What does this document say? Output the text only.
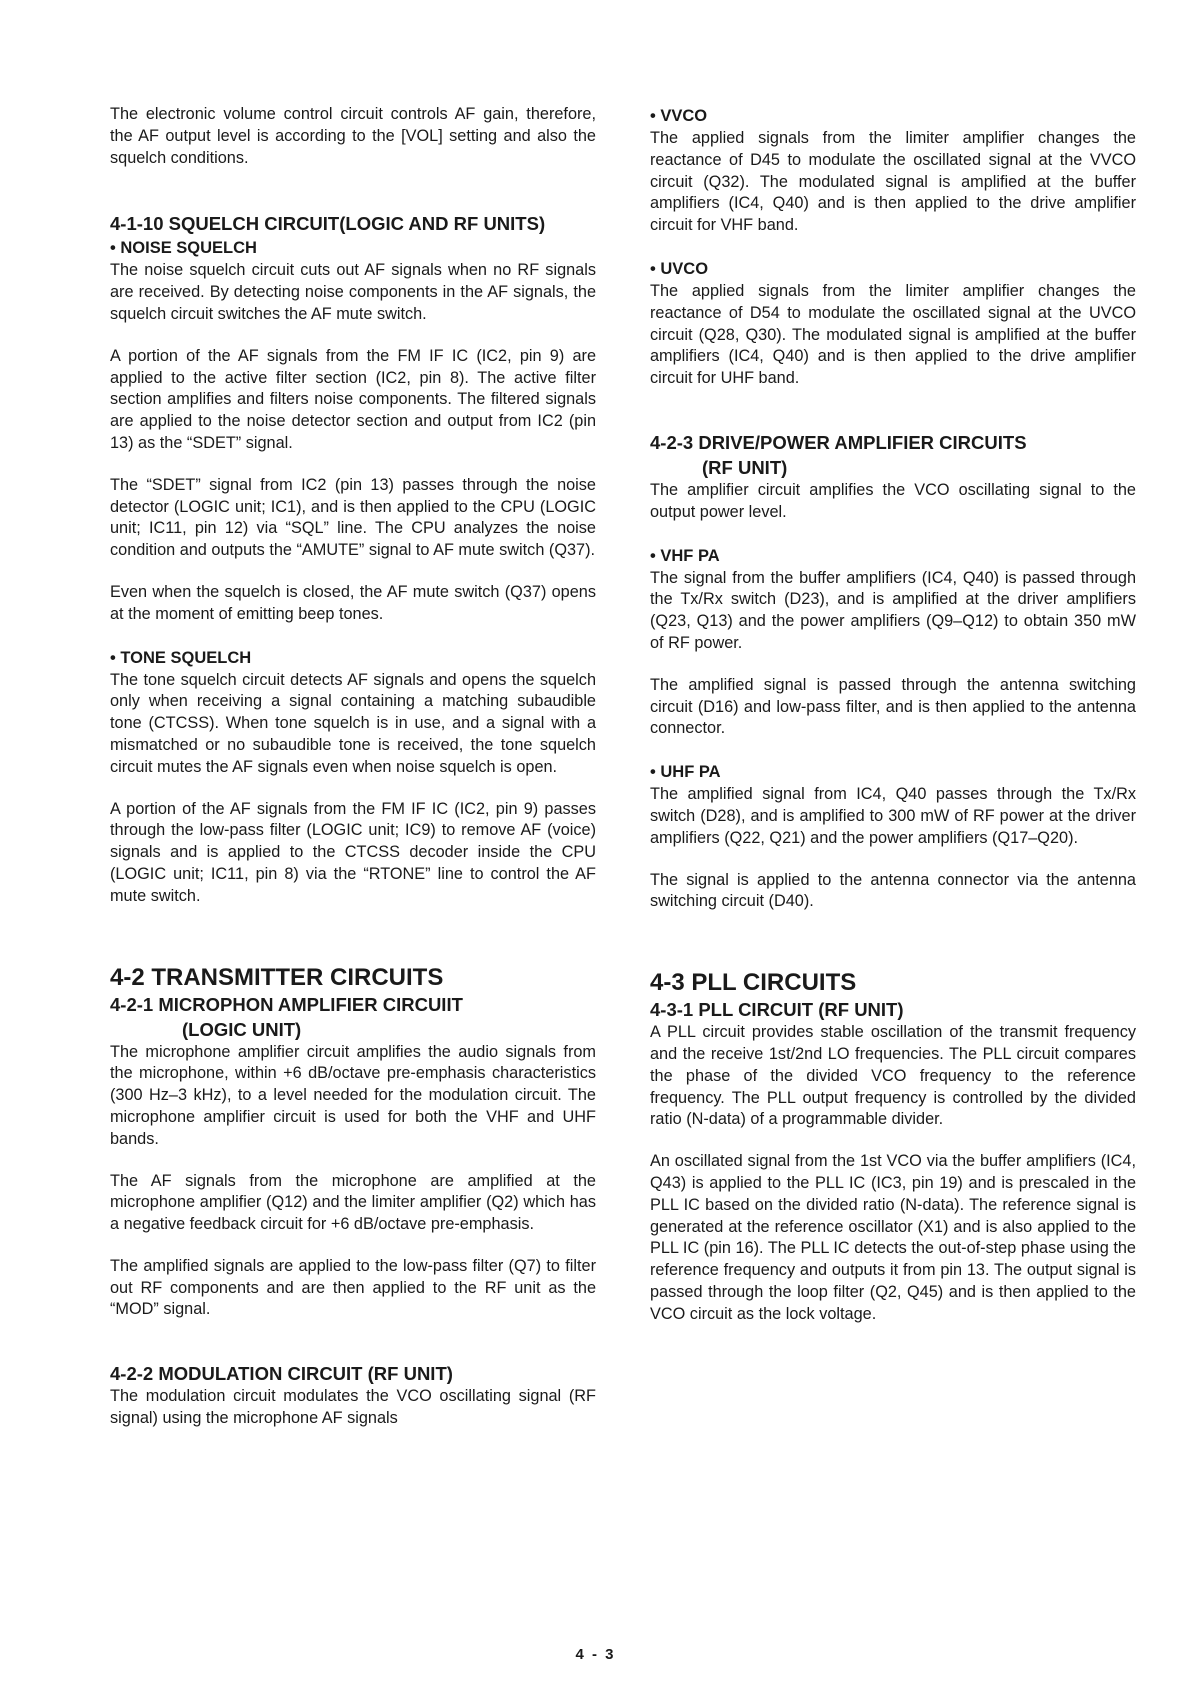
The electronic volume control circuit controls AF gain, therefore, the AF output level is according to the [VOL] setting and also the squelch conditions.

4-1-10 SQUELCH CIRCUIT(LOGIC AND RF UNITS)
• NOISE SQUELCH

The noise squelch circuit cuts out AF signals when no RF signals are received. By detecting noise components in the AF signals, the squelch circuit switches the AF mute switch.

A portion of the AF signals from the FM IF IC (IC2, pin 9) are applied to the active filter section (IC2, pin 8). The active filter section amplifies and filters noise components. The filtered signals are applied to the noise detector section and output from IC2 (pin 13) as the “SDET” signal.

The “SDET” signal from IC2 (pin 13) passes through the noise detector (LOGIC unit; IC1), and is then applied to the CPU (LOGIC unit; IC11, pin 12) via “SQL” line. The CPU analyzes the noise condition and outputs the “AMUTE” signal to AF mute switch (Q37).

Even when the squelch is closed, the AF mute switch (Q37) opens at the moment of emitting beep tones.

• TONE SQUELCH

The tone squelch circuit detects AF signals and opens the squelch only when receiving a signal containing a matching subaudible tone (CTCSS). When tone squelch is in use, and a signal with a mismatched or no subaudible tone is received, the tone squelch circuit mutes the AF signals even when noise squelch is open.

A portion of the AF signals from the FM IF IC (IC2, pin 9) passes through the low-pass filter (LOGIC unit; IC9) to remove AF (voice) signals and is applied to the CTCSS decoder inside the CPU (LOGIC unit; IC11, pin 8) via the “RTONE” line to control the AF mute switch.

4-2 TRANSMITTER CIRCUITS
4-2-1 MICROPHON AMPLIFIER CIRCUIIT
(LOGIC UNIT)

The microphone amplifier circuit amplifies the audio signals from the microphone, within +6 dB/octave pre-emphasis characteristics (300 Hz–3 kHz), to a level needed for the modulation circuit. The microphone amplifier circuit is used for both the VHF and UHF bands.

The AF signals from the microphone are amplified at the microphone amplifier (Q12) and the limiter amplifier (Q2) which has a negative feedback circuit for +6 dB/octave pre-emphasis.

The amplified signals are applied to the low-pass filter (Q7) to filter out RF components and are then applied to the RF unit as the “MOD” signal.

4-2-2 MODULATION CIRCUIT (RF UNIT)

The modulation circuit modulates the VCO oscillating signal (RF signal) using the microphone AF signals

• VVCO

The applied signals from the limiter amplifier changes the reactance of D45 to modulate the oscillated signal at the VVCO circuit (Q32). The modulated signal is amplified at the buffer amplifiers (IC4, Q40) and is then applied to the drive amplifier circuit for VHF band.

• UVCO

The applied signals from the limiter amplifier changes the reactance of D54 to modulate the oscillated signal at the UVCO circuit (Q28, Q30). The modulated signal is amplified at the buffer amplifiers (IC4, Q40) and is then applied to the drive amplifier circuit for UHF band.

4-2-3 DRIVE/POWER AMPLIFIER CIRCUITS
(RF UNIT)

The amplifier circuit amplifies the VCO oscillating signal to the output power level.

• VHF PA

The signal from the buffer amplifiers (IC4, Q40) is passed through the Tx/Rx switch (D23), and is amplified at the driver amplifiers (Q23, Q13) and the power amplifiers (Q9–Q12) to obtain 350 mW of RF power.

The amplified signal is passed through the antenna switching circuit (D16) and low-pass filter, and is then applied to the antenna connector.

• UHF PA

The amplified signal from IC4, Q40 passes through the Tx/Rx switch (D28), and is amplified to 300 mW of RF power at the driver amplifiers (Q22, Q21) and the power amplifiers (Q17–Q20).

The signal is applied to the antenna connector via the antenna switching circuit (D40).

4-3 PLL CIRCUITS
4-3-1 PLL CIRCUIT (RF UNIT)

A PLL circuit provides stable oscillation of the transmit frequency and the receive 1st/2nd LO frequencies. The PLL circuit compares the phase of the divided VCO frequency to the reference frequency. The PLL output frequency is controlled by the divided ratio (N-data) of a programmable divider.

An oscillated signal from the 1st VCO via the buffer amplifiers (IC4, Q43) is applied to the PLL IC (IC3, pin 19) and is prescaled in the PLL IC based on the divided ratio (N-data). The reference signal is generated at the reference oscillator (X1) and is also applied to the PLL IC (pin 16). The PLL IC detects the out-of-step phase using the reference frequency and outputs it from pin 13. The output signal is passed through the loop filter (Q2, Q45) and is then applied to the VCO circuit as the lock voltage.

4 - 3
